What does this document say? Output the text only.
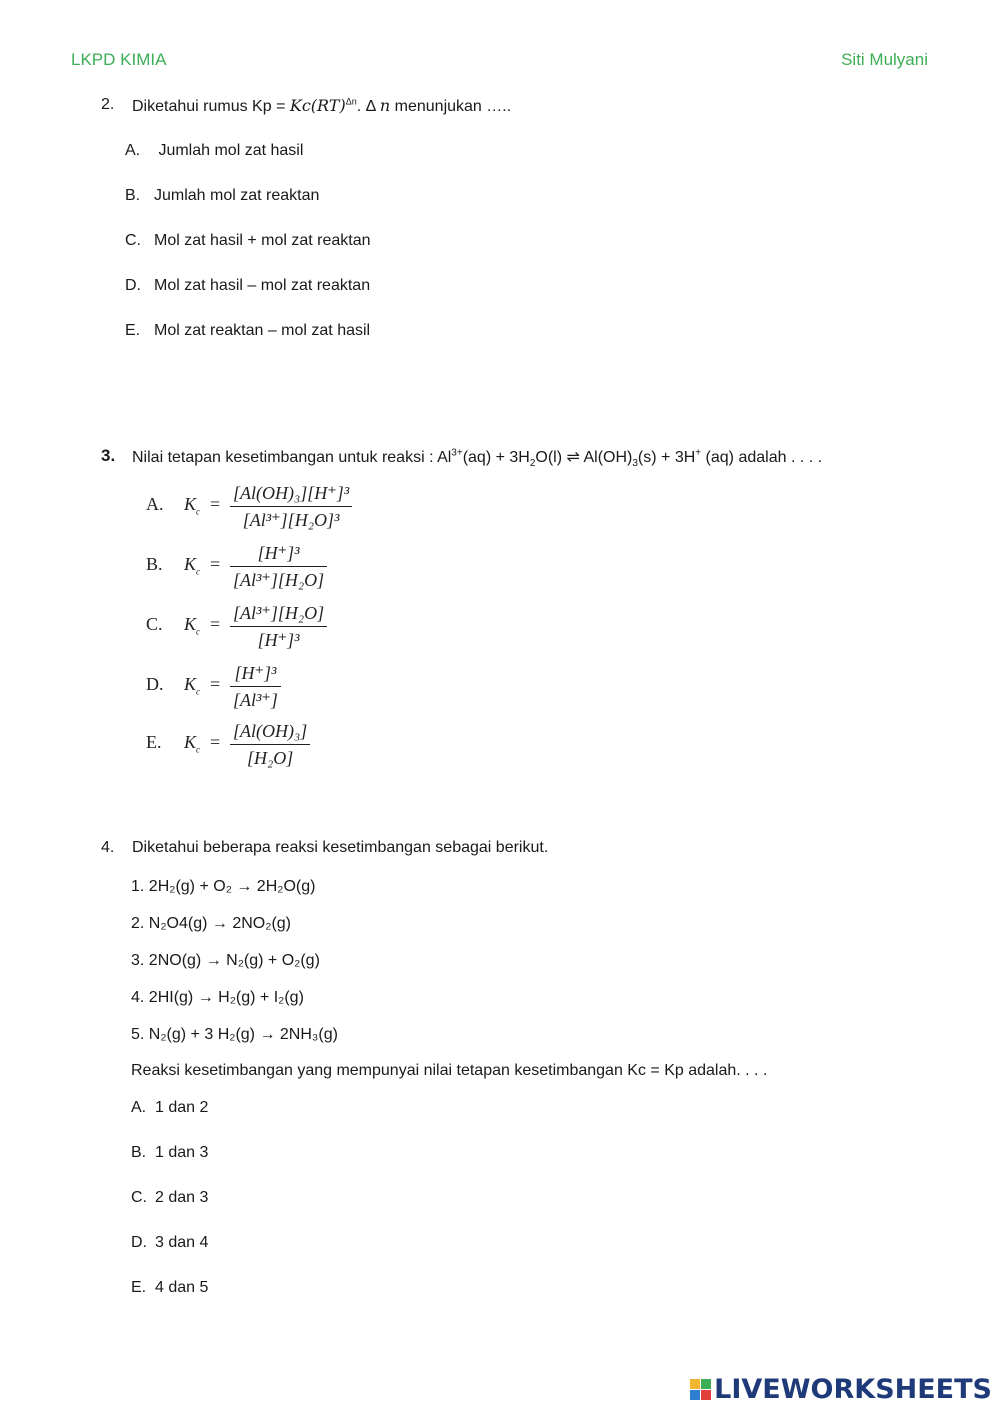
LKPD KIMIA	Siti Mulyani
2. Diketahui rumus Kp = Kc(RT)$^{\Delta n}$. Δ n menunjukan …..
A. Jumlah mol zat hasil
B. Jumlah mol zat reaktan
C. Mol zat hasil + mol zat reaktan
D. Mol zat hasil – mol zat reaktan
E. Mol zat reaktan – mol zat hasil
3. Nilai tetapan kesetimbangan untuk reaksi : $Al^{3+}(aq) + 3H_2O(l)$ ⇌ $Al(OH)_3(s) + 3H^+$ (aq) adalah . . . .
A. $K_c$ =
[Al(OH)₃][H⁺]³
[Al³⁺][H₂O]³
B. $K_c$ =
[H⁺]³
[Al³⁺][H₂O]
C. $K_c$ =
[Al³⁺][H₂O]
[H⁺]³
D. $K_c$ =
[H⁺]³
[Al³⁺]
E. $K_c$ =
[Al(OH)₃]
[H₂O]
4. Diketahui beberapa reaksi kesetimbangan sebagai berikut.
1. 2H₂(g) + O₂ → 2H₂O(g)
2. N₂O4(g) → 2NO₂(g)
3. 2NO(g) → N₂(g) + O₂(g)
4. 2HI(g) → H₂(g) + I₂(g)
5. N₂(g) + 3 H₂(g) → 2NH₃(g)
Reaksi kesetimbangan yang mempunyai nilai tetapan kesetimbangan Kc = Kp adalah. . . .
A. 1 dan 2
B. 1 dan 3
C. 2 dan 3
D. 3 dan 4
E. 4 dan 5
LIVEWORKSHEETS
